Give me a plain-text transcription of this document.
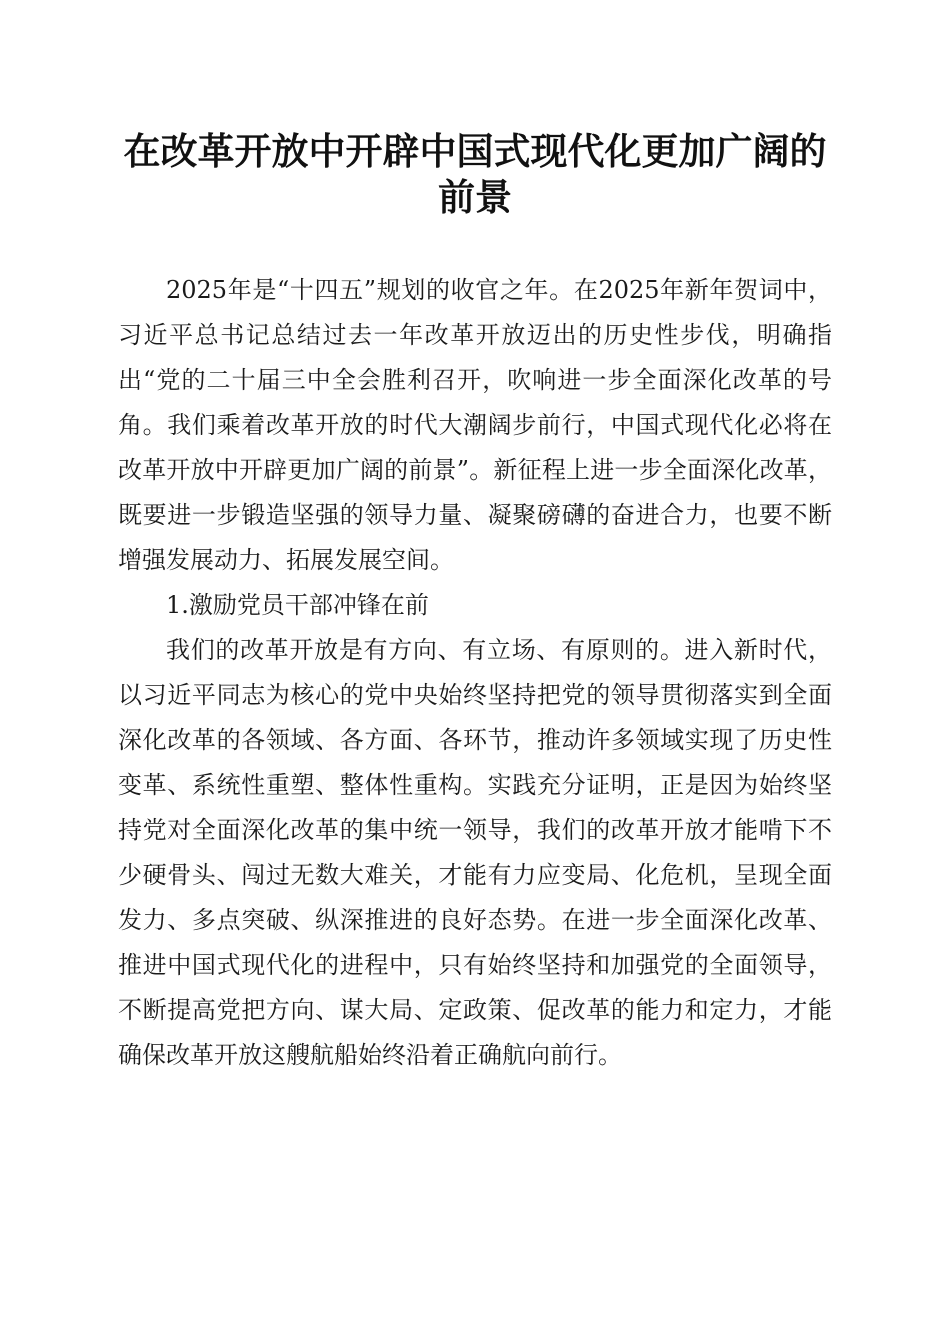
在改革开放中开辟中国式现代化更加广阔的前景

2025年是“十四五”规划的收官之年。在2025年新年贺词中，习近平总书记总结过去一年改革开放迈出的历史性步伐，明确指出“党的二十届三中全会胜利召开，吹响进一步全面深化改革的号角。我们乘着改革开放的时代大潮阔步前行，中国式现代化必将在改革开放中开辟更加广阔的前景”。新征程上进一步全面深化改革，既要进一步锻造坚强的领导力量、凝聚磅礴的奋进合力，也要不断增强发展动力、拓展发展空间。

1.激励党员干部冲锋在前

我们的改革开放是有方向、有立场、有原则的。进入新时代，以习近平同志为核心的党中央始终坚持把党的领导贯彻落实到全面深化改革的各领域、各方面、各环节，推动许多领域实现了历史性变革、系统性重塑、整体性重构。实践充分证明，正是因为始终坚持党对全面深化改革的集中统一领导，我们的改革开放才能啃下不少硬骨头、闯过无数大难关，才能有力应变局、化危机，呈现全面发力、多点突破、纵深推进的良好态势。在进一步全面深化改革、推进中国式现代化的进程中，只有始终坚持和加强党的全面领导，不断提高党把方向、谋大局、定政策、促改革的能力和定力，才能确保改革开放这艘航船始终沿着正确航向前行。
